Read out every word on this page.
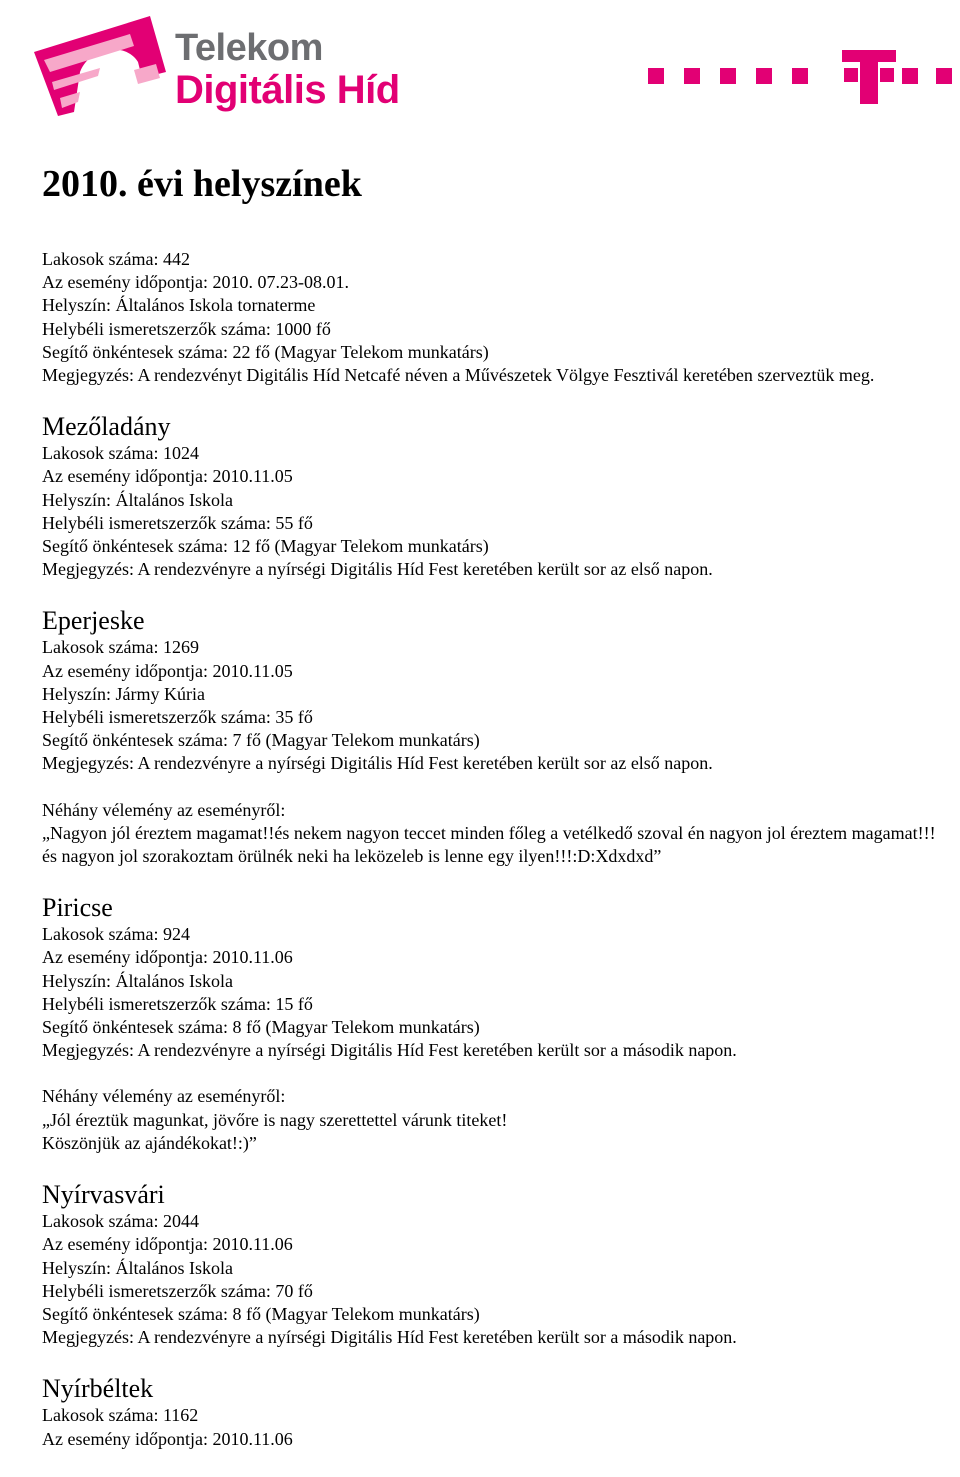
Telekom
Digitális Híd
2010. évi helyszínek
Lakosok száma: 442
Az esemény időpontja: 2010. 07.23-08.01.
Helyszín: Általános Iskola tornaterme
Helybéli ismeretszerzők száma: 1000 fő
Segítő önkéntesek száma: 22 fő (Magyar Telekom munkatárs)
Megjegyzés: A rendezvényt Digitális Híd Netcafé néven a Művészetek Völgye Fesztivál keretében szerveztük meg.
Mezőladány
Lakosok száma: 1024
Az esemény időpontja: 2010.11.05
Helyszín: Általános Iskola
Helybéli ismeretszerzők száma: 55 fő
Segítő önkéntesek száma: 12 fő (Magyar Telekom munkatárs)
Megjegyzés: A rendezvényre a nyírségi Digitális Híd Fest keretében került sor az első napon.
Eperjeske
Lakosok száma: 1269
Az esemény időpontja: 2010.11.05
Helyszín: Jármy Kúria
Helybéli ismeretszerzők száma: 35 fő
Segítő önkéntesek száma: 7 fő (Magyar Telekom munkatárs)
Megjegyzés: A rendezvényre a nyírségi Digitális Híd Fest keretében került sor az első napon.
Néhány vélemény az eseményről:
„Nagyon jól éreztem magamat!!és nekem nagyon teccet minden főleg a vetélkedő szoval én nagyon jol éreztem magamat!!!és nagyon jol szorakoztam örülnék neki ha leközeleb is lenne egy ilyen!!!:D:Xdxdxd”
Piricse
Lakosok száma: 924
Az esemény időpontja: 2010.11.06
Helyszín: Általános Iskola
Helybéli ismeretszerzők száma: 15 fő
Segítő önkéntesek száma: 8 fő (Magyar Telekom munkatárs)
Megjegyzés: A rendezvényre a nyírségi Digitális Híd Fest keretében került sor a második napon.
Néhány vélemény az eseményről:
„Jól éreztük magunkat, jövőre is nagy szerettettel várunk titeket!
Köszönjük az ajándékokat!:)”
Nyírvasvári
Lakosok száma: 2044
Az esemény időpontja: 2010.11.06
Helyszín: Általános Iskola
Helybéli ismeretszerzők száma: 70 fő
Segítő önkéntesek száma: 8 fő (Magyar Telekom munkatárs)
Megjegyzés: A rendezvényre a nyírségi Digitális Híd Fest keretében került sor a második napon.
Nyírbéltek
Lakosok száma: 1162
Az esemény időpontja: 2010.11.06
